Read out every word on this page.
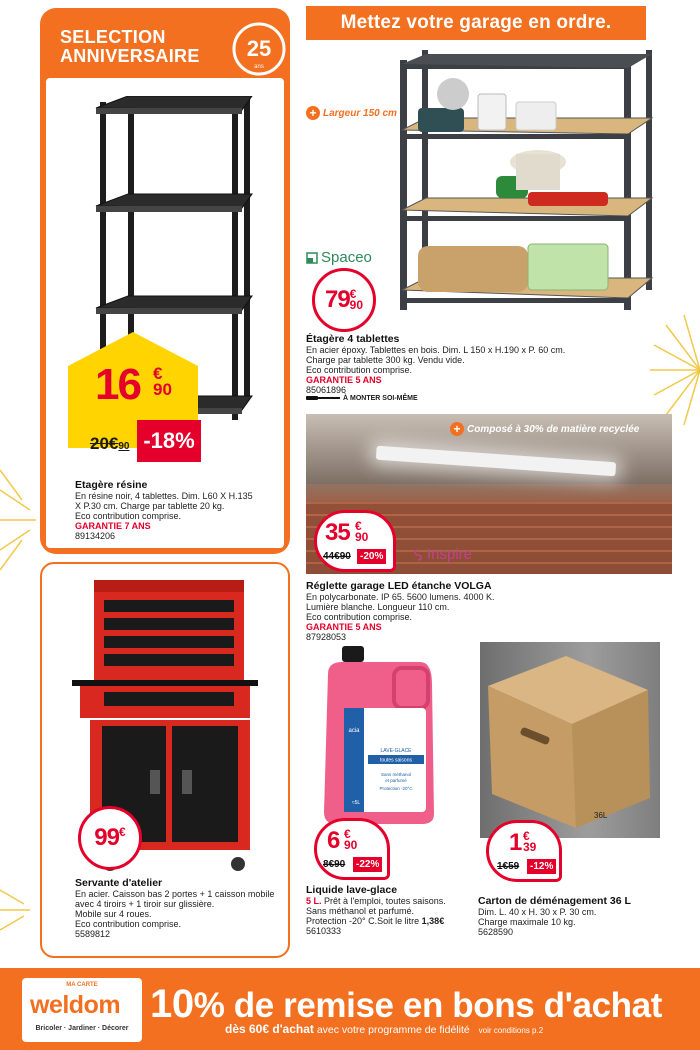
SELECTION
ANNIVERSAIRE 25
ans
16 €
90
20€90 -18%
Etagère résine
En résine noir, 4 tablettes. Dim. L60 X H.135
X P.30 cm. Charge par tablette 20 kg.
Eco contribution comprise.
GARANTIE 7 ANS
89134206
Mettez votre garage en ordre.
+ Largeur 150 cm
Spaceo
79 €
90
Étagère 4 tablettes
En acier époxy. Tablettes en bois. Dim. L 150 x H.190 x P. 60 cm.
Charge par tablette 300 kg. Vendu vide.
Eco contribution comprise.
GARANTIE 5 ANS
85061896
À MONTER SOI-MÊME
+ Composé à 30% de matière recyclée
35 €
90
44€90 -20%	Inspire
Réglette garage LED étanche VOLGA
En polycarbonate. IP 65. 5600 lumens. 4000 K.
Lumière blanche. Longueur 110 cm.
Eco contribution comprise.
GARANTIE 5 ANS
87928053
99 €
Servante d'atelier
En acier. Caisson bas 2 portes + 1 caisson mobile
avec 4 tiroirs + 1 tiroir sur glissière.
Mobile sur 4 roues.
Eco contribution comprise.
5589812
acia
LAVE-GLACE
toutes saisons
Sans méthanol
et parfumé
Protection -20°C
≈5L
6 €
90
8€90	-22%
Liquide lave-glace
5 L. Prêt à l'emploi, toutes saisons.
Sans méthanol et parfumé.
Protection -20° C.Soit le litre 1,38€
5610333
36L
1 €
39
1€59	-12%
Carton de déménagement 36 L
Dim. L. 40 x H. 30 x P. 30 cm.
Charge maximale 10 kg.
5628590
MA CARTE
weldom
Bricoler · Jardiner · Décorer
10% de remise en bons d'achat
dès 60€ d'achat avec votre programme de fidélité voir conditions p.2
